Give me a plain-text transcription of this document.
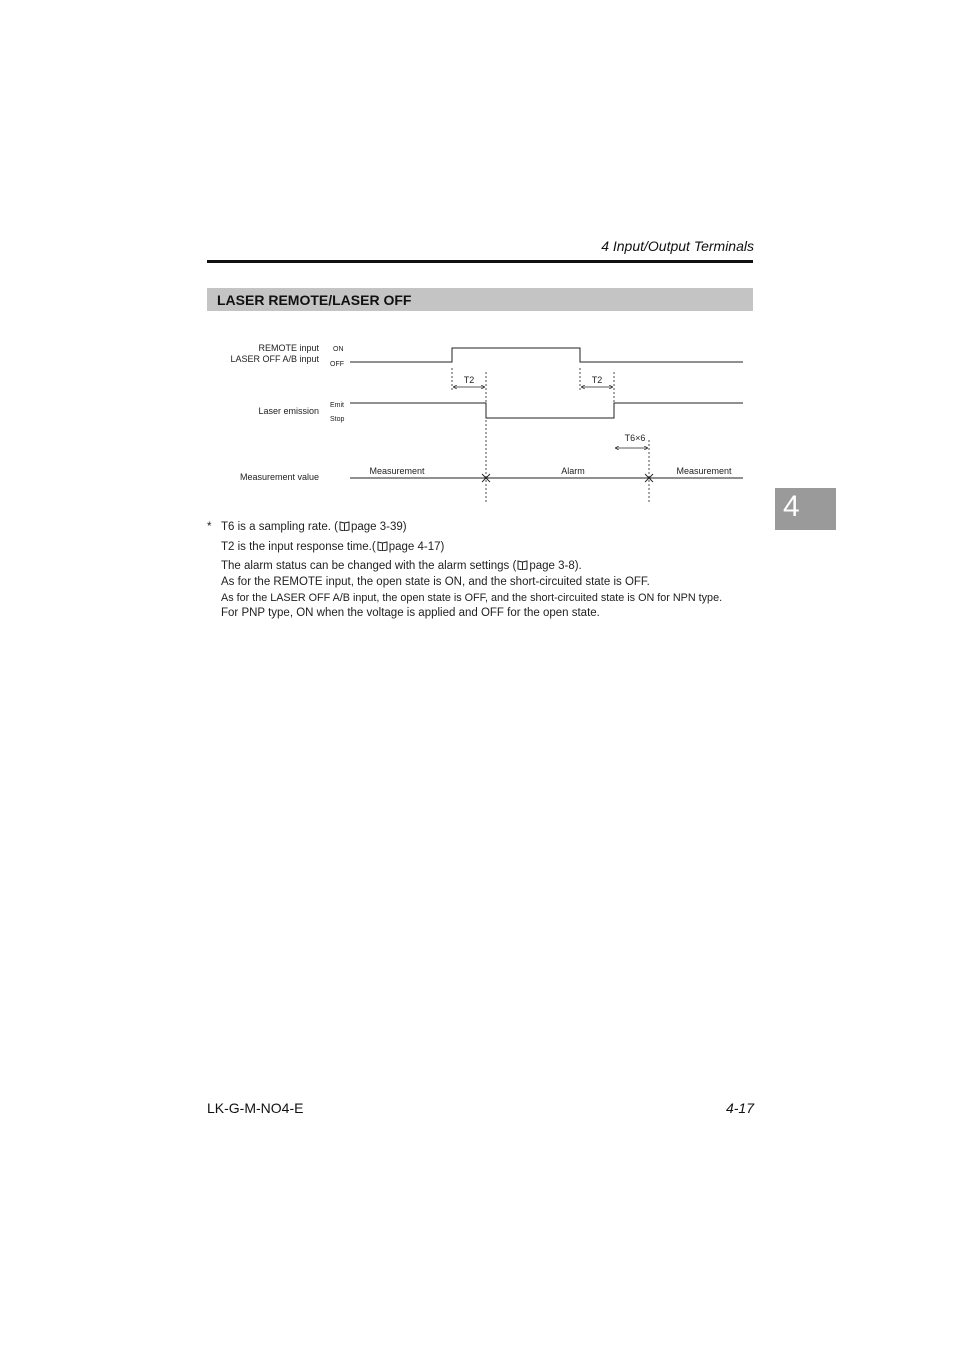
4 Input/Output Terminals
LASER REMOTE/LASER OFF
REMOTE input
LASER OFF A/B input
ON
OFF
Laser emission
Emit
Stop
Measurement value
T2	T2
T6×6
Measurement	Alarm	Measurement
* T6 is a sampling rate. ( page 3-39)
T2 is the input response time.( page 4-17)
The alarm status can be changed with the alarm settings ( page 3-8).
As for the REMOTE input, the open state is ON, and the short-circuited state is OFF.
As for the LASER OFF A/B input, the open state is OFF, and the short-circuited state is ON for NPN type.
For PNP type, ON when the voltage is applied and OFF for the open state.
4
LK-G-M-NO4-E	4-17
